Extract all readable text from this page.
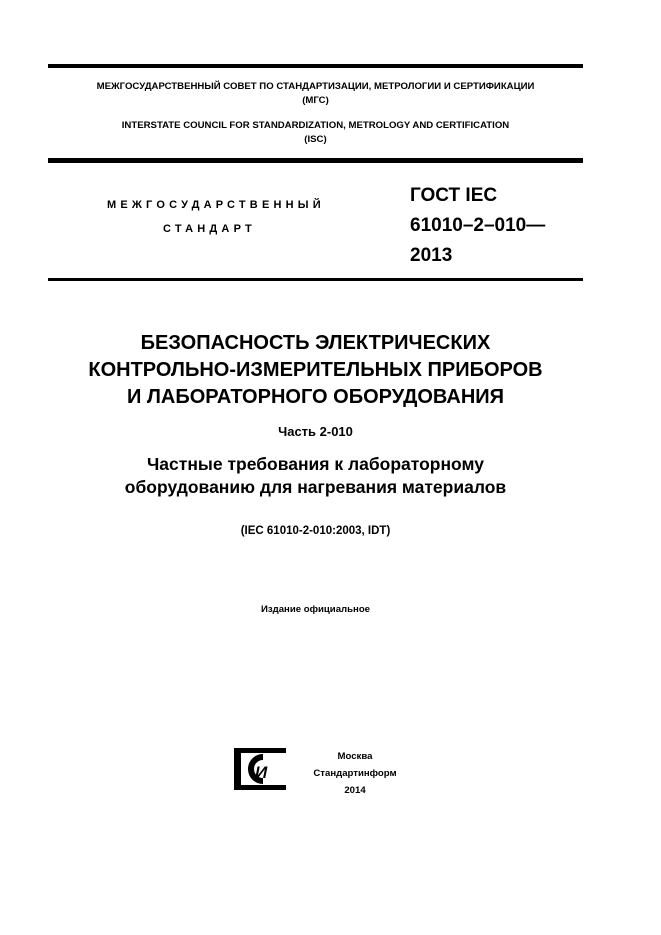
МЕЖГОСУДАРСТВЕННЫЙ СОВЕТ ПО СТАНДАРТИЗАЦИИ, МЕТРОЛОГИИ И СЕРТИФИКАЦИИ
(МГС)
INTERSTATE COUNCIL FOR STANDARDIZATION, METROLOGY AND CERTIFICATION
(ISC)
МЕЖГОСУДАРСТВЕННЫЙ
СТАНДАРТ
ГОСТ IEC
61010–2–010—
2013
БЕЗОПАСНОСТЬ ЭЛЕКТРИЧЕСКИХ
КОНТРОЛЬНО-ИЗМЕРИТЕЛЬНЫХ ПРИБОРОВ
И ЛАБОРАТОРНОГО ОБОРУДОВАНИЯ
Часть 2-010
Частные требования к лабораторному
оборудованию для нагревания материалов
(IEC 61010-2-010:2003, IDT)
Издание официальное
И
Москва
Стандартинформ
2014
